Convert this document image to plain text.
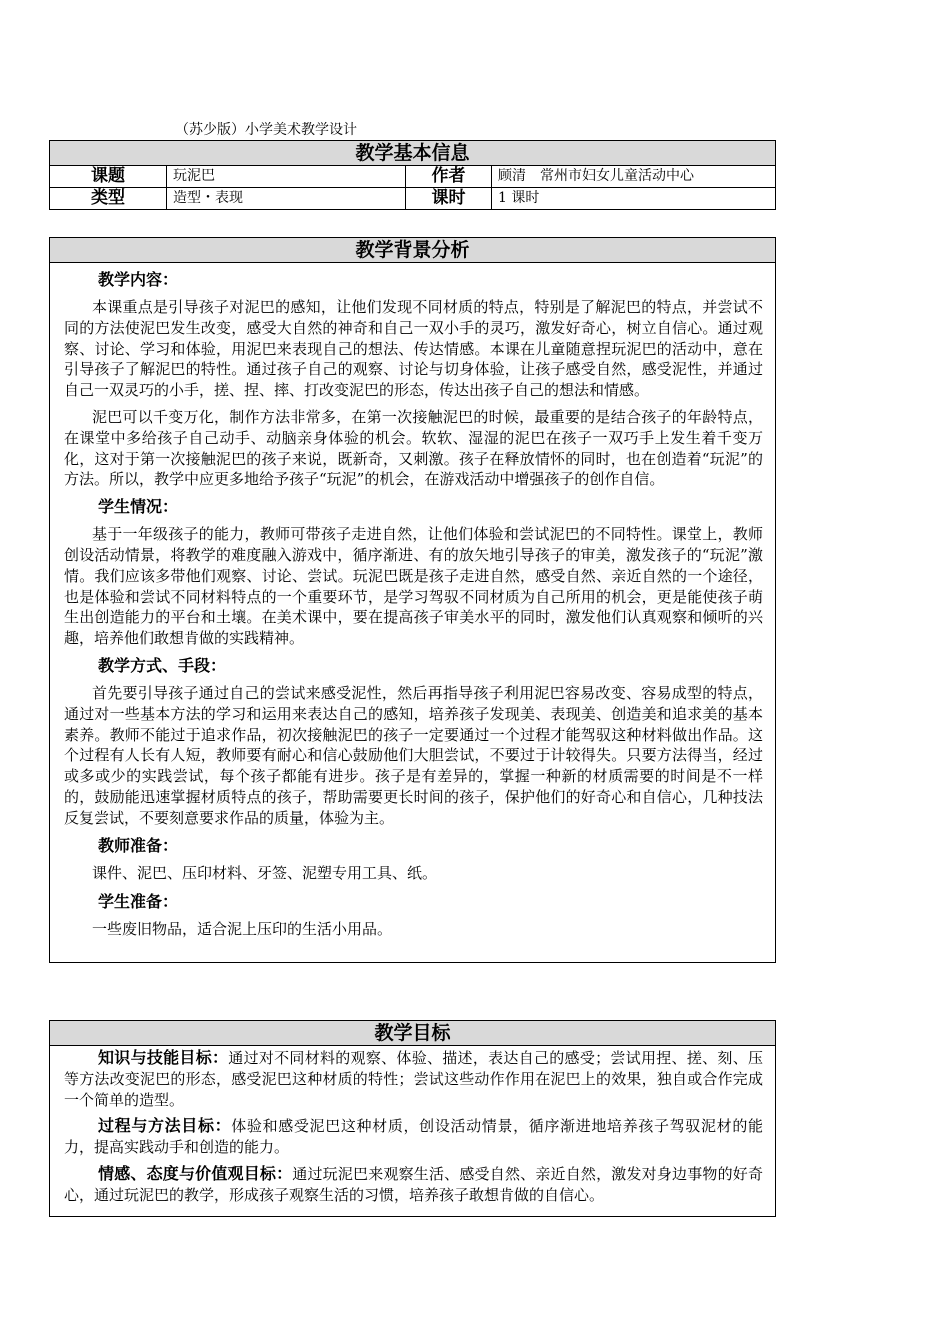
（苏少版）小学美术教学设计
教学基本信息			
课题	玩泥巴	作者	顾清　常州市妇女儿童活动中心
类型	造型・表现	课时	1 课时
教学背景分析

教学内容：
本课重点是引导孩子对泥巴的感知，让他们发现不同材质的特点，特别是了解泥巴的特点，并尝试不同的方法使泥巴发生改变，感受大自然的神奇和自己一双小手的灵巧，激发好奇心，树立自信心。通过观察、讨论、学习和体验，用泥巴来表现自己的想法、传达情感。本课在儿童随意捏玩泥巴的活动中，意在引导孩子了解泥巴的特性。通过孩子自己的观察、讨论与切身体验，让孩子感受自然，感受泥性，并通过自己一双灵巧的小手，搓、捏、摔、打改变泥巴的形态，传达出孩子自己的想法和情感。
泥巴可以千变万化，制作方法非常多，在第一次接触泥巴的时候，最重要的是结合孩子的年龄特点，在课堂中多给孩子自己动手、动脑亲身体验的机会。软软、湿湿的泥巴在孩子一双巧手上发生着千变万化，这对于第一次接触泥巴的孩子来说，既新奇，又刺激。孩子在释放情怀的同时，也在创造着“玩泥”的方法。所以，教学中应更多地给予孩子“玩泥”的机会，在游戏活动中增强孩子的创作自信。
学生情况：
基于一年级孩子的能力，教师可带孩子走进自然，让他们体验和尝试泥巴的不同特性。课堂上，教师创设活动情景，将教学的难度融入游戏中，循序渐进、有的放矢地引导孩子的审美，激发孩子的“玩泥”激情。我们应该多带他们观察、讨论、尝试。玩泥巴既是孩子走进自然，感受自然、亲近自然的一个途径，也是体验和尝试不同材料特点的一个重要环节，是学习驾驭不同材质为自己所用的机会，更是能使孩子萌生出创造能力的平台和土壤。在美术课中，要在提高孩子审美水平的同时，激发他们认真观察和倾听的兴趣，培养他们敢想肯做的实践精神。
教学方式、手段：
首先要引导孩子通过自己的尝试来感受泥性，然后再指导孩子利用泥巴容易改变、容易成型的特点，通过对一些基本方法的学习和运用来表达自己的感知，培养孩子发现美、表现美、创造美和追求美的基本素养。教师不能过于追求作品，初次接触泥巴的孩子一定要通过一个过程才能驾驭这种材料做出作品。这个过程有人长有人短，教师要有耐心和信心鼓励他们大胆尝试，不要过于计较得失。只要方法得当，经过或多或少的实践尝试，每个孩子都能有进步。孩子是有差异的，掌握一种新的材质需要的时间是不一样的，鼓励能迅速掌握材质特点的孩子，帮助需要更长时间的孩子，保护他们的好奇心和自信心，几种技法反复尝试，不要刻意要求作品的质量，体验为主。
教师准备：
课件、泥巴、压印材料、牙签、泥塑专用工具、纸。
学生准备：
一些废旧物品，适合泥上压印的生活小用品。
教学目标

知识与技能目标：通过对不同材料的观察、体验、描述，表达自己的感受；尝试用捏、搓、刻、压等方法改变泥巴的形态，感受泥巴这种材质的特性；尝试这些动作作用在泥巴上的效果，独自或合作完成一个简单的造型。
过程与方法目标：体验和感受泥巴这种材质，创设活动情景，循序渐进地培养孩子驾驭泥材的能力，提高实践动手和创造的能力。
情感、态度与价值观目标：通过玩泥巴来观察生活、感受自然、亲近自然，激发对身边事物的好奇心，通过玩泥巴的教学，形成孩子观察生活的习惯，培养孩子敢想肯做的自信心。
